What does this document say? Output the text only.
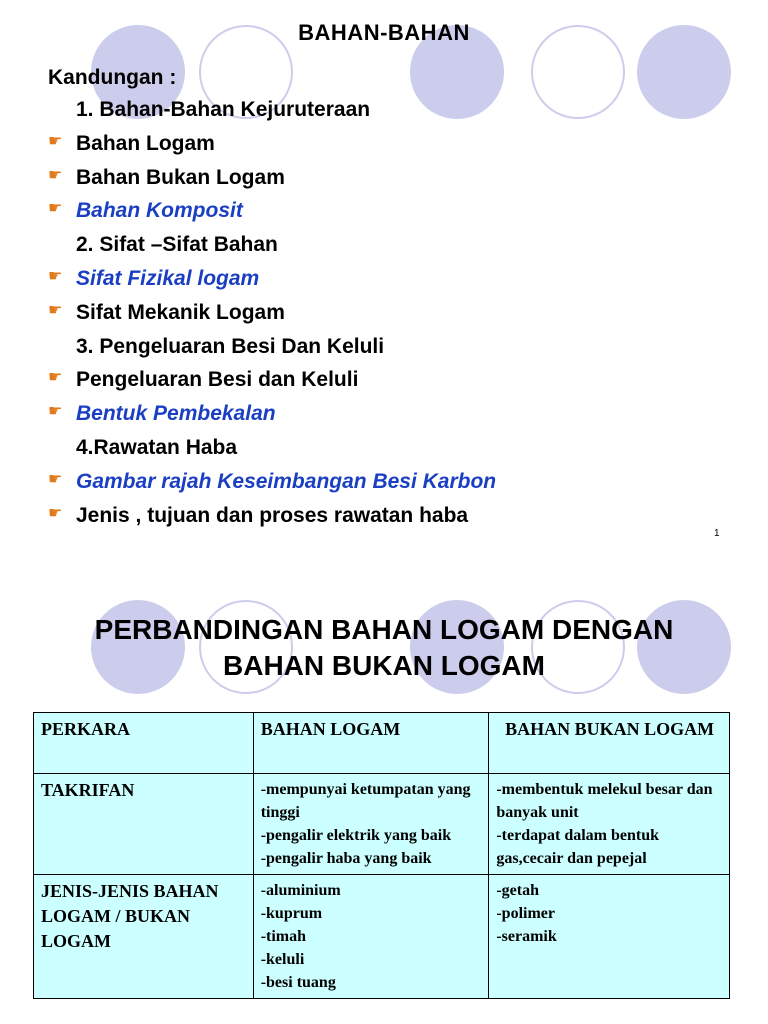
BAHAN-BAHAN
Kandungan :
1. Bahan-Bahan Kejuruteraan
☛ Bahan Logam
☛ Bahan Bukan Logam
☛ Bahan Komposit
2. Sifat –Sifat Bahan
☛ Sifat Fizikal logam
☛ Sifat Mekanik Logam
3. Pengeluaran Besi Dan Keluli
☛ Pengeluaran Besi dan Keluli
☛ Bentuk Pembekalan
4.Rawatan Haba
☛ Gambar rajah Keseimbangan Besi Karbon
☛ Jenis , tujuan dan proses rawatan haba
1
PERBANDINGAN BAHAN LOGAM DENGAN
BAHAN BUKAN LOGAM
PERKARA	BAHAN LOGAM	BAHAN BUKAN LOGAM
TAKRIFAN	-mempunyai ketumpatan yang tinggi
-pengalir elektrik yang baik
-pengalir haba yang baik	-membentuk melekul besar dan banyak unit
-terdapat dalam bentuk gas,cecair dan pepejal

JENIS-JENIS BAHAN LOGAM / BUKAN LOGAM	-aluminium
-kuprum
-timah
-keluli
-besi tuang	-getah
-polimer
-seramik
